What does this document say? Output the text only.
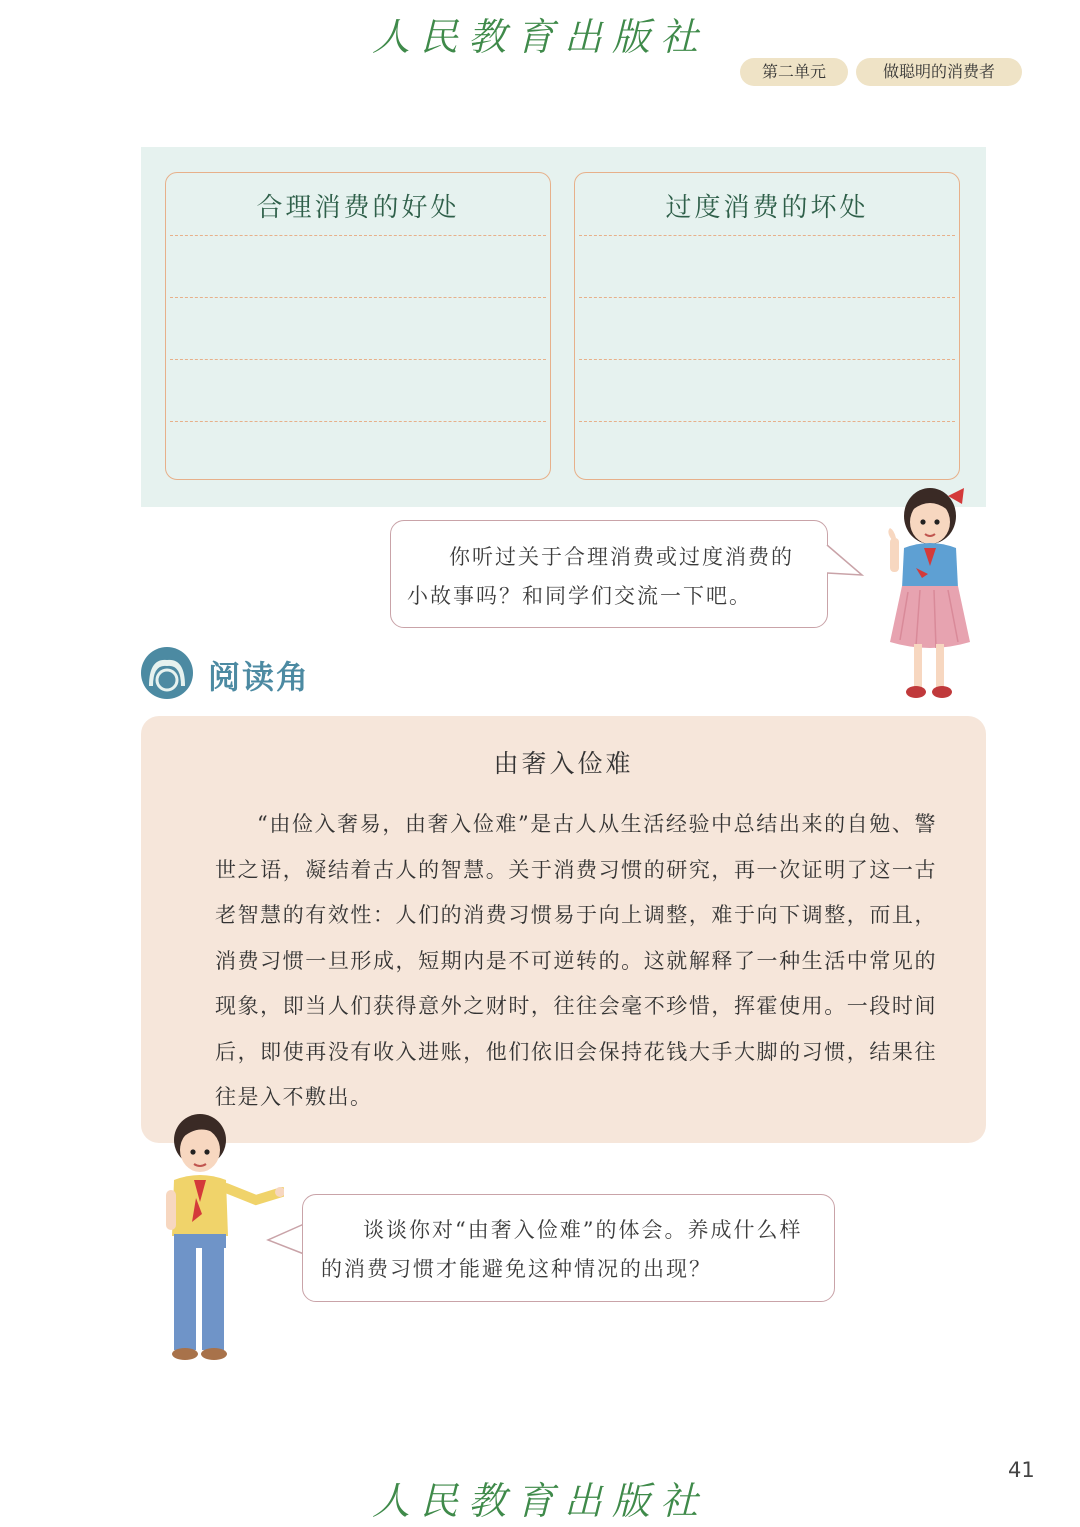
人民教育出版社
第二单元	做聪明的消费者
合理消费的好处	过度消费的坏处

你听过关于合理消费或过度消费的小故事吗？和同学们交流一下吧。

阅读角
由奢入俭难

“由俭入奢易，由奢入俭难”是古人从生活经验中总结出来的自勉、警世之语，凝结着古人的智慧。关于消费习惯的研究，再一次证明了这一古老智慧的有效性：人们的消费习惯易于向上调整，难于向下调整，而且，消费习惯一旦形成，短期内是不可逆转的。这就解释了一种生活中常见的现象，即当人们获得意外之财时，往往会毫不珍惜，挥霍使用。一段时间后，即使再没有收入进账，他们依旧会保持花钱大手大脚的习惯，结果往往是入不敷出。

谈谈你对“由奢入俭难”的体会。养成什么样的消费习惯才能避免这种情况的出现？

41
人民教育出版社
